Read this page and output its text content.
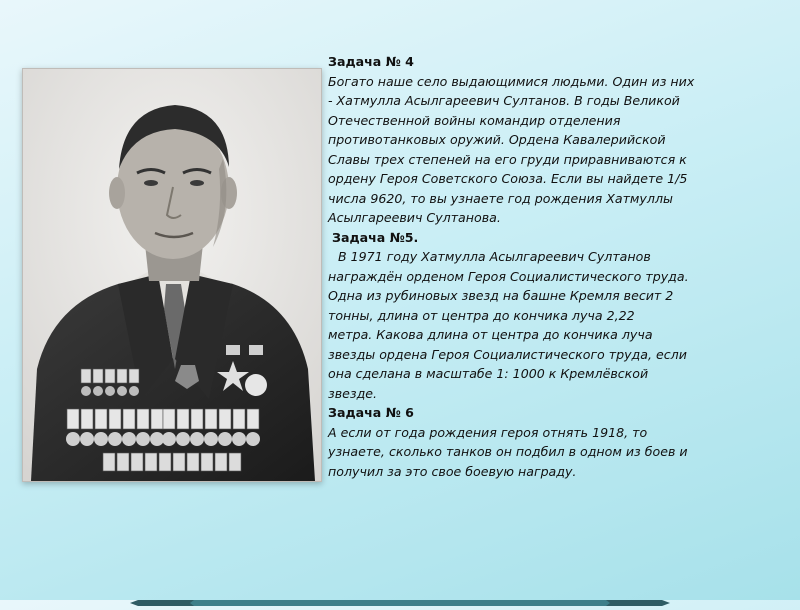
Задача № 4

Богато наше село выдающимися людьми. Один из них

- Хатмулла Асылгареевич Султанов. В годы Великой

Отечественной войны командир отделения

противотанковых оружий. Ордена Кавалерийской

Славы трех степеней на его груди приравниваются к

ордену Героя Советского Союза. Если вы найдете 1/5

числа 9620, то вы узнаете год рождения Хатмуллы

Асылгареевич Султанова.

Задача №5.

В 1971 году Хатмулла Асылгареевич Султанов

награждён орденом Героя Социалистического труда.

Одна из рубиновых звезд на башне Кремля весит 2

тонны, длина от центра до кончика луча 2,22

метра. Какова длина от центра до кончика луча

звезды ордена Героя Социалистического труда, если

она сделана в масштабе 1: 1000 к Кремлёвской

звезде.

Задача № 6

А если от года рождения героя отнять 1918, то

узнаете, сколько танков он подбил в одном из боев и

получил за это свое боевую награду.
